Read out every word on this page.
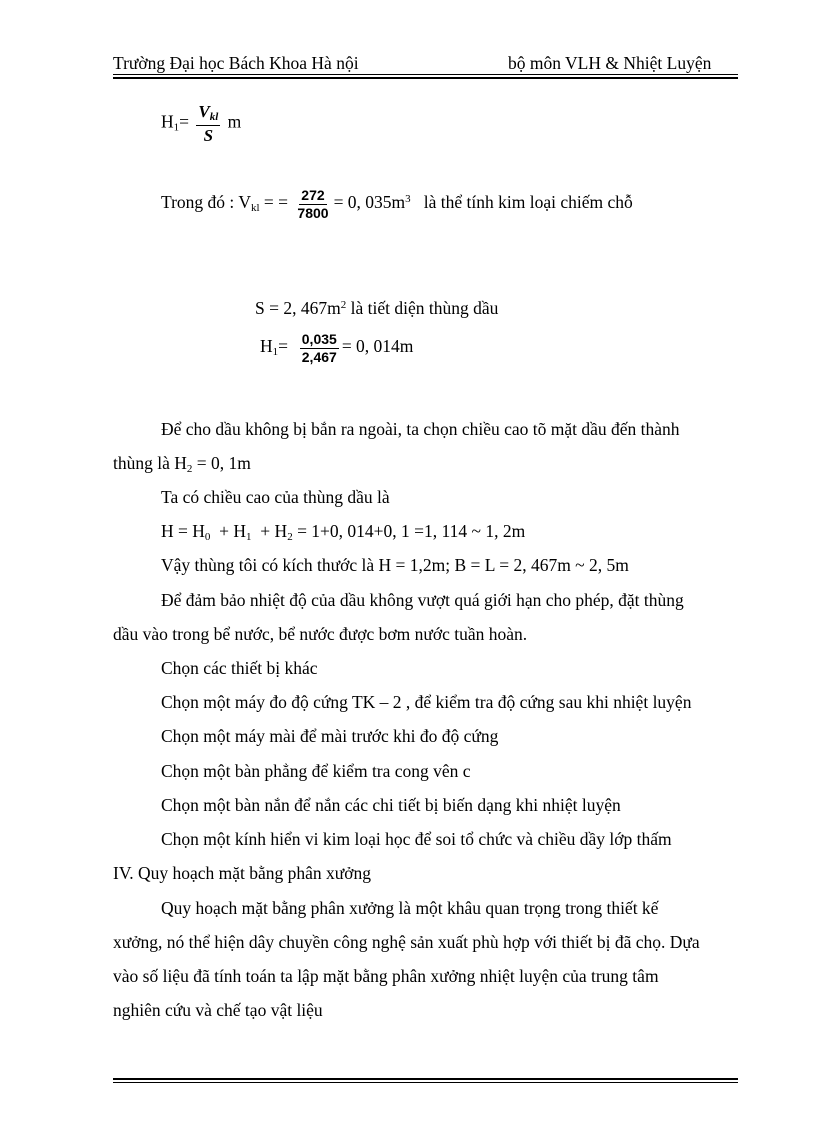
Trường Đại học Bách Khoa Hà nội	bộ môn VLH & Nhiệt Luyện
$H_1= \frac{V_{kl}}{S}$ m
Trong đó : $V_{kl}$ = = $\frac{272}{7800} = 0$, $035m^3$ là thể tính kim loại chiếm chỗ
S = 2, $467m^2$ là tiết diện thùng dầu
$H_1= \frac{0,035}{2,467} = 0$, 014m
Để cho dầu không bị bắn ra ngoài, ta chọn chiều cao tõ mặt dầu đến thành
thùng là $H_2 = 0$, 1m
Ta có chiều cao của thùng dầu là
$H = H_0 + H_1 + H_2 = 1+0$, 014+0, 1 =1, 114 ~ 1, 2m
Vậy thùng tôi có kích thước là H = 1,2m; B = L = 2, 467m ~ 2, 5m
Để đảm bảo nhiệt độ của dầu không vượt quá giới hạn cho phép, đặt thùng
dầu vào trong bể nước, bể nước được bơm nước tuần hoàn.
Chọn các thiết bị khác
Chọn một máy đo độ cứng TK – 2 , để kiểm tra độ cứng sau khi nhiệt luyện
Chọn một máy mài để mài trước khi đo độ cứng
Chọn một bàn phẳng để kiểm tra cong vên c
Chọn một bàn nắn để nắn các chi tiết bị biến dạng khi nhiệt luyện
Chọn một kính hiển vi kim loại học để soi tổ chức và chiều dầy lớp thấm
IV. Quy hoạch mặt bằng phân xưởng
Quy hoạch mặt bằng phân xưởng là một khâu quan trọng trong thiết kế
xưởng, nó thể hiện dây chuyền công nghệ sản xuất phù hợp với thiết bị đã chọ. Dựa
vào số liệu đã tính toán ta lập mặt bằng phân xưởng nhiệt luyện của trung tâm
nghiên cứu và chế tạo vật liệu
